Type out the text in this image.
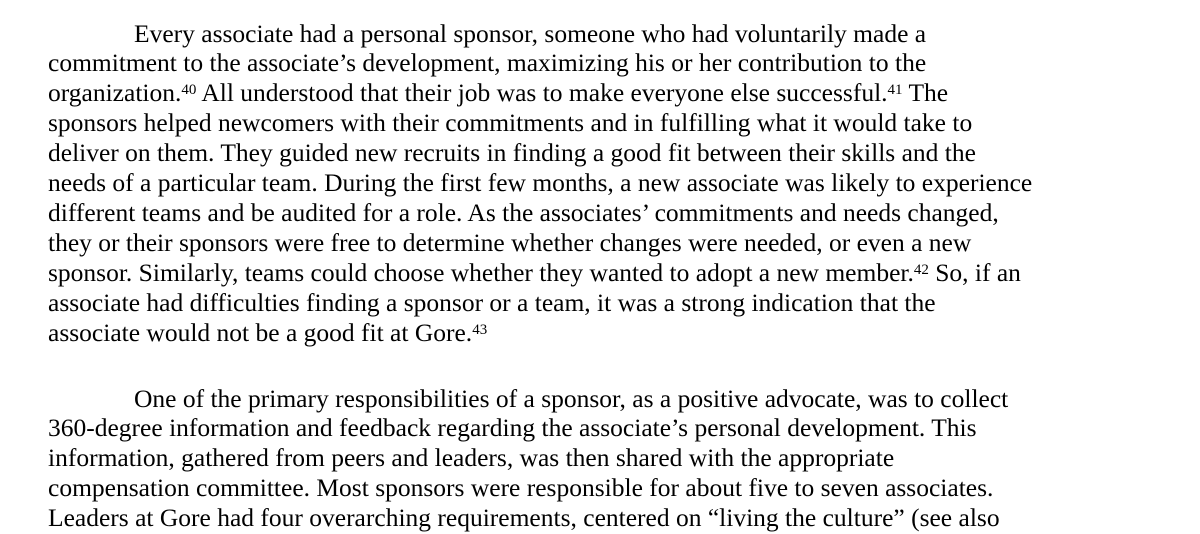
Every associate had a personal sponsor, someone who had voluntarily made a
commitment to the associate’s development, maximizing his or her contribution to the
organization.$^{40}$ All understood that their job was to make everyone else successful.$^{41}$ The
sponsors helped newcomers with their commitments and in fulfilling what it would take to
deliver on them. They guided new recruits in finding a good fit between their skills and the
needs of a particular team. During the first few months, a new associate was likely to experience
different teams and be audited for a role. As the associates’ commitments and needs changed,
they or their sponsors were free to determine whether changes were needed, or even a new
sponsor. Similarly, teams could choose whether they wanted to adopt a new member.$^{42}$ So, if an
associate had difficulties finding a sponsor or a team, it was a strong indication that the
associate would not be a good fit at Gore.$^{43}$
One of the primary responsibilities of a sponsor, as a positive advocate, was to collect
360-degree information and feedback regarding the associate’s personal development. This
information, gathered from peers and leaders, was then shared with the appropriate
compensation committee. Most sponsors were responsible for about five to seven associates.
Leaders at Gore had four overarching requirements, centered on “living the culture” (see also
